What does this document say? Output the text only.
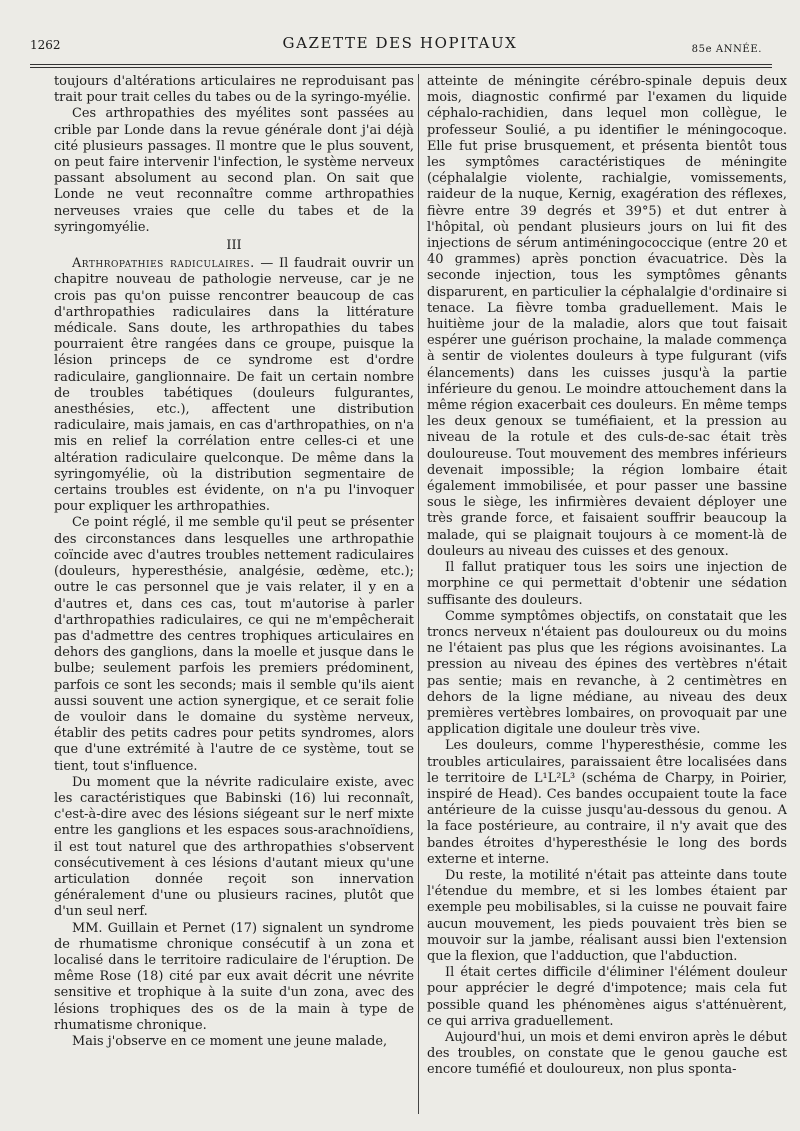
1262	GAZETTE DES HOPITAUX	85e ANNÉE.

toujours d'altérations articulaires ne reproduisant pas trait pour trait celles du tabes ou de la syringo-myélie.

Ces arthropathies des myélites sont passées au crible par Londe dans la revue générale dont j'ai déjà cité plusieurs passages. Il montre que le plus souvent, on peut faire intervenir l'infection, le système nerveux passant absolument au second plan. On sait que Londe ne veut reconnaître comme arthropathies nerveuses vraies que celle du tabes et de la syringomyélie.

III

Arthropathies radiculaires. — Il faudrait ouvrir un chapitre nouveau de pathologie nerveuse, car je ne crois pas qu'on puisse rencontrer beaucoup de cas d'arthropathies radiculaires dans la littérature médicale. Sans doute, les arthropathies du tabes pourraient être rangées dans ce groupe, puisque la lésion princeps de ce syndrome est d'ordre radiculaire, ganglionnaire. De fait un certain nombre de troubles tabétiques (douleurs fulgurantes, anesthésies, etc.), affectent une distribution radiculaire, mais jamais, en cas d'arthropathies, on n'a mis en relief la corrélation entre celles-ci et une altération radiculaire quelconque. De même dans la syringomyélie, où la distribution segmentaire de certains troubles est évidente, on n'a pu l'invoquer pour expliquer les arthropathies.

Ce point réglé, il me semble qu'il peut se présenter des circonstances dans lesquelles une arthropathie coïncide avec d'autres troubles nettement radiculaires (douleurs, hyperesthésie, analgésie, œdème, etc.); outre le cas personnel que je vais relater, il y en a d'autres et, dans ces cas, tout m'autorise à parler d'arthropathies radiculaires, ce qui ne m'empêcherait pas d'admettre des centres trophiques articulaires en dehors des ganglions, dans la moelle et jusque dans le bulbe; seulement parfois les premiers prédominent, parfois ce sont les seconds; mais il semble qu'ils aient aussi souvent une action synergique, et ce serait folie de vouloir dans le domaine du système nerveux, établir des petits cadres pour petits syndromes, alors que d'une extrémité à l'autre de ce système, tout se tient, tout s'influence.

Du moment que la névrite radiculaire existe, avec les caractéristiques que Babinski (16) lui reconnaît, c'est-à-dire avec des lésions siégeant sur le nerf mixte entre les ganglions et les espaces sous-arachnoïdiens, il est tout naturel que des arthropathies s'observent consécutivement à ces lésions d'autant mieux qu'une articulation donnée reçoit son innervation généralement d'une ou plusieurs racines, plutôt que d'un seul nerf.

MM. Guillain et Pernet (17) signalent un syndrome de rhumatisme chronique consécutif à un zona et localisé dans le territoire radiculaire de l'éruption. De même Rose (18) cité par eux avait décrit une névrite sensitive et trophique à la suite d'un zona, avec des lésions trophiques des os de la main à type de rhumatisme chronique.

Mais j'observe en ce moment une jeune malade,

atteinte de méningite cérébro-spinale depuis deux mois, diagnostic confirmé par l'examen du liquide céphalo-rachidien, dans lequel mon collègue, le professeur Soulié, a pu identifier le méningocoque. Elle fut prise brusquement, et présenta bientôt tous les symptômes caractéristiques de méningite (céphalalgie violente, rachialgie, vomissements, raideur de la nuque, Kernig, exagération des réflexes, fièvre entre 39 degrés et 39°5) et dut entrer à l'hôpital, où pendant plusieurs jours on lui fit des injections de sérum antiméningococcique (entre 20 et 40 grammes) après ponction évacuatrice. Dès la seconde injection, tous les symptômes gênants disparurent, en particulier la céphalalgie d'ordinaire si tenace. La fièvre tomba graduellement. Mais le huitième jour de la maladie, alors que tout faisait espérer une guérison prochaine, la malade commença à sentir de violentes douleurs à type fulgurant (vifs élancements) dans les cuisses jusqu'à la partie inférieure du genou. Le moindre attouchement dans la même région exacerbait ces douleurs. En même temps les deux genoux se tuméfiaient, et la pression au niveau de la rotule et des culs-de-sac était très douloureuse. Tout mouvement des membres inférieurs devenait impossible; la région lombaire était également immobilisée, et pour passer une bassine sous le siège, les infirmières devaient déployer une très grande force, et faisaient souffrir beaucoup la malade, qui se plaignait toujours à ce moment-là de douleurs au niveau des cuisses et des genoux.

Il fallut pratiquer tous les soirs une injection de morphine ce qui permettait d'obtenir une sédation suffisante des douleurs.

Comme symptômes objectifs, on constatait que les troncs nerveux n'étaient pas douloureux ou du moins ne l'étaient pas plus que les régions avoisinantes. La pression au niveau des épines des vertèbres n'était pas sentie; mais en revanche, à 2 centimètres en dehors de la ligne médiane, au niveau des deux premières vertèbres lombaires, on provoquait par une application digitale une douleur très vive.

Les douleurs, comme l'hyperesthésie, comme les troubles articulaires, paraissaient être localisées dans le territoire de L¹L²L³ (schéma de Charpy, in Poirier, inspiré de Head). Ces bandes occupaient toute la face antérieure de la cuisse jusqu'au-dessous du genou. A la face postérieure, au contraire, il n'y avait que des bandes étroites d'hyperesthésie le long des bords externe et interne.

Du reste, la motilité n'était pas atteinte dans toute l'étendue du membre, et si les lombes étaient par exemple peu mobilisables, si la cuisse ne pouvait faire aucun mouvement, les pieds pouvaient très bien se mouvoir sur la jambe, réalisant aussi bien l'extension que la flexion, que l'adduction, que l'abduction.

Il était certes difficile d'éliminer l'élément douleur pour apprécier le degré d'impotence; mais cela fut possible quand les phénomènes aigus s'atténuèrent, ce qui arriva graduellement.

Aujourd'hui, un mois et demi environ après le début des troubles, on constate que le genou gauche est encore tuméfié et douloureux, non plus sponta-
